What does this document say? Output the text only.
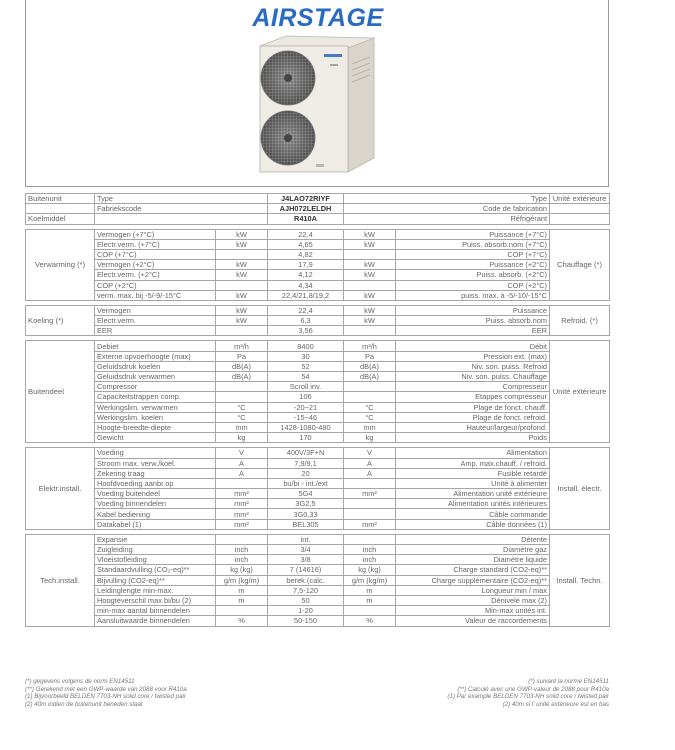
AIRSTAGE
Buitenunit	Type		J4LAO72RIYF	Type		Unité extérieure
	Fabriekscode		AJH072LELDH	Code de fabrication		
Koelmiddel			R410A	Réfrigérant		

Verwarming (*)	Vermogen (+7°C)	kW	22,4	kW	Puissance (+7°C)	Chauffage (*)
	Electr.verm. (+7°C)	kW	4,65	kW	Puiss. absorb.nom (+7°C)	
	COP (+7°C)		4,82		COP (+7°C)	
	Vermogen (+2°C)	kW	17,9	kW	Puissance (+2°C)	
	Electr.verm. (+2°C)	kW	4,12	kW	Puiss. absorb. (+2°C)	
	COP (+2°C)		4,34		COP (+2°C)	
	verm. max. bij -5/-9/-15°C	kW	22,4/21,8/19,2	kW	puiss. max. à -5/-10/-15°C	

Koeling (*)	Vermogen	kW	22,4	kW	Puissance	Refroid. (*)
	Electr.verm.	kW	6,3	kW	Puiss. absorb.nom	
	EER		3,56		EER	

Buitendeel	Debiet	m³/h	8400	m³/h	Débit	Unité extérieure
	Externe opvoerhoogte (max)	Pa	30	Pa	Pression ext. (max)	
	Geluidsdruk koelen	dB(A)	52	dB(A)	Niv. son. puiss. Refroid	
	Geluidsdruk verwarmen	dB(A)	54	dB(A)	Niv. son. puiss. Chauffage	
	Compressor		Scroll inv.		Compresseur	
	Capaciteitstrappen comp.		106		Etappes compresseur	
	Werkingslim. verwarmen	°C	-20~21	°C	Plage de fonct. chauff.	
	Werkingslim. koelen	°C	-15~46	°C	Plage de fonct. refroid.	
	Hoogte-breedte-diepte	mm	1428-1080-480	mm	Hauteur/largeur/profond.	
	Gewicht	kg	170	kg	Poids	

Elektr.install.	Voeding	V	400V/3F+N	V	Alimentation	Install. électr.
	Stroom max. verw./koel.	A	7,9/9,1	A	Amp. max.chauff. / refroid.	
	Zekering traag	A	20	A	Fusible retardé	
	Hoofdvoeding aanbr.op		bu/bi - int./ext		Unité à alimenter	
	Voeding buitendeel	mm²	5G4	mm²	Alimentation unité extérieure	
	Voeding binnendelen	mm²	3G2,5		Alimentation unités intérieures	
	Kabel bediening	mm²	3G0,33		Câble commande	
	Datakabel (1)	mm²	BEL305	mm²	Câble données (1)	

Tech.install.	Expansie		int.		Détente	Install. Techn.
	Zuigleiding	inch	3/4	inch	Diamètre gaz	
	Vloeistofleiding	inch	3/8	inch	Diamètre liquide	
	Standaardvulling (CO₂-eq)**	kg (kg)	7 (14616)	kg (kg)	Charge standard (CO2-eq)**	
	Bijvulling (CO2-eq)**	g/m (kg/m)	berek.(calc.	g/m (kg/m)	Charge supplémentaire (CO2-eq)**	
	Leidinglengte min-max.	m	7,5-120	m	Longueur min / max	
	Hoogteverschil max bi/bu (2)	m	50	m	Dénivelé max (2)	
	min-max aantal binnendelen		1-20		Min-max unités int.	
	Aansluitwaarde binnendelen	%	50-150	%	Valeur de raccordements	
(*) gegevens volgens de norm EN14511
(**) Gerekend met een GWP-waarde van 2088 voor R410a
(1) Bijvoorbeeld BELDEN 7703-NH solid core / twisted pair
(2) 40m indien de buitenunit beneden staat
(*) suivant la norme EN14511
(**) Calculé avec une GWP-valeur de 2088 pour R410a
(1) Par example BELDEN 7703-NH solid core / twisted pair
(2) 40m si l' unité extérieure est en bas
